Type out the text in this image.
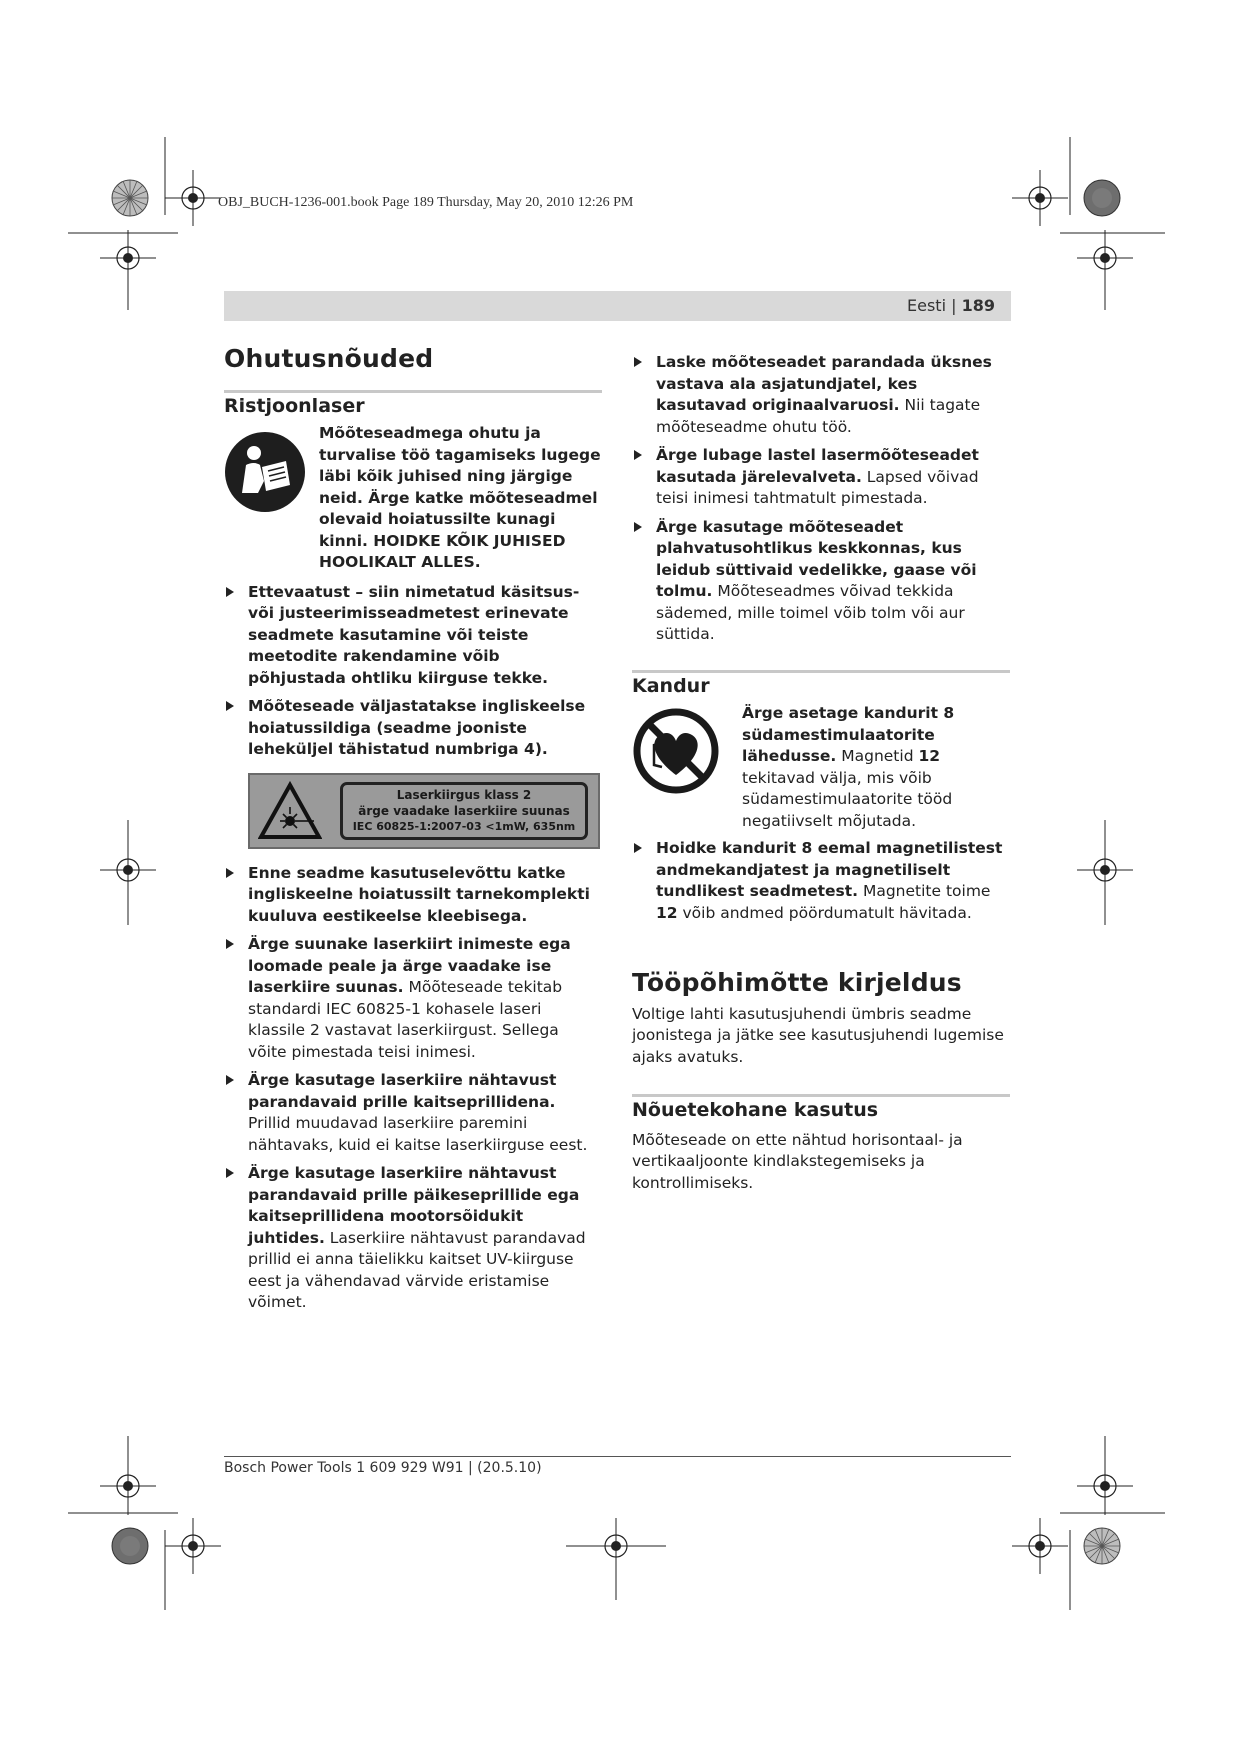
OBJ_BUCH-1236-001.book Page 189 Thursday, May 20, 2010 12:26 PM
Eesti | 189
Ohutusnõuded
Ristjoonlaser

Mõõteseadmega ohutu ja turvalise töö tagamiseks lugege läbi kõik juhised ning järgige neid. Ärge katke mõõteseadmel olevaid hoiatussilte kunagi kinni. HOIDKE KÕIK JUHISED HOOLIKALT ALLES.

Ettevaatust – siin nimetatud käsitsus- või justeerimisseadmetest erinevate seadmete kasutamine või teiste meetodite rakendamine võib põhjustada ohtliku kiirguse tekke.
Mõõteseade väljastatakse ingliskeelse hoiatussildiga (seadme jooniste leheküljel tähistatud numbriga 4).
Laserkiirgus klass 2
ärge vaadake laserkiire suunas
IEC 60825-1:2007-03 <1mW, 635nm
Enne seadme kasutuselevõttu katke ingliskeelne hoiatussilt tarnekomplekti kuuluva eestikeelse kleebisega.
Ärge suunake laserkiirt inimeste ega loomade peale ja ärge vaadake ise laserkiire suunas. Mõõteseade tekitab standardi IEC 60825-1 kohasele laseri klassile 2 vastavat laserkiirgust. Sellega võite pimestada teisi inimesi.
Ärge kasutage laserkiire nähtavust parandavaid prille kaitseprillidena. Prillid muudavad laserkiire paremini nähtavaks, kuid ei kaitse laserkiirguse eest.
Ärge kasutage laserkiire nähtavust parandavaid prille päikeseprillide ega kaitseprillidena mootorsõidukit juhtides. Laserkiire nähtavust parandavad prillid ei anna täielikku kaitset UV-kiirguse eest ja vähendavad värvide eristamise võimet.
Laske mõõteseadet parandada üksnes vastava ala asjatundjatel, kes kasutavad originaalvaruosi. Nii tagate mõõteseadme ohutu töö.
Ärge lubage lastel lasermõõteseadet kasutada järelevalveta. Lapsed võivad teisi inimesi tahtmatult pimestada.
Ärge kasutage mõõteseadet plahvatusohtlikus keskkonnas, kus leidub süttivaid vedelikke, gaase või tolmu. Mõõteseadmes võivad tekkida sädemed, mille toimel võib tolm või aur süttida.
Kandur

Ärge asetage kandurit 8 südamestimulaatorite lähedusse. Magnetid 12 tekitavad välja, mis võib südamestimulaatorite tööd negatiivselt mõjutada.

Hoidke kandurit 8 eemal magnetilistest andmekandjatest ja magnetiliselt tundlikest seadmetest. Magnetite toime 12 võib andmed pöördumatult hävitada.
Tööpõhimõtte kirjeldus

Voltige lahti kasutusjuhendi ümbris seadme joonistega ja jätke see kasutusjuhendi lugemise ajaks avatuks.

Nõuetekohane kasutus

Mõõteseade on ette nähtud horisontaal- ja vertikaaljoonte kindlakstegemiseks ja kontrollimiseks.

Bosch Power Tools 1 609 929 W91 | (20.5.10)
